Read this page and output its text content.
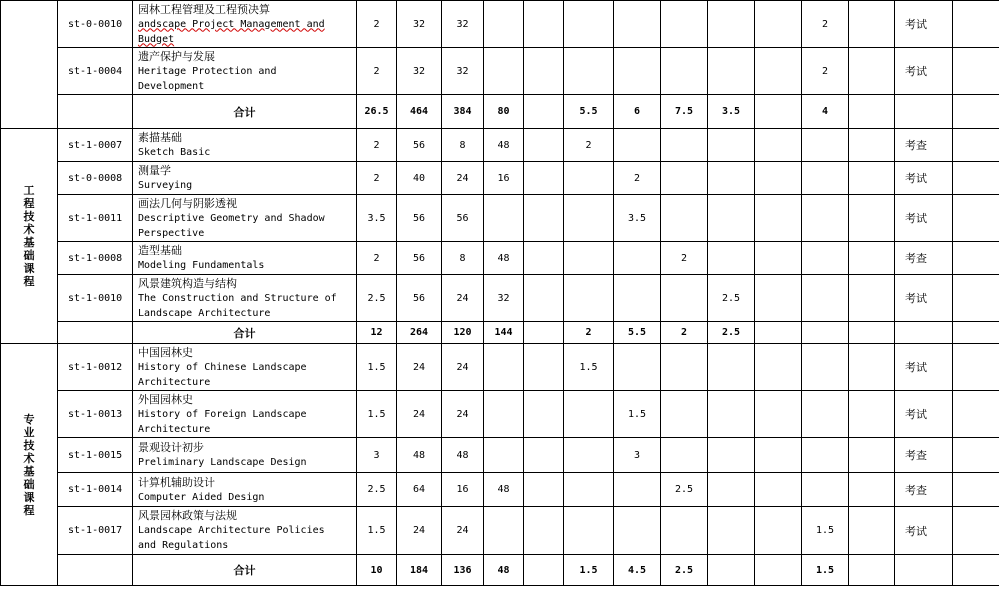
	st-0-0010	园林工程管理及工程预决算
andscape Project Management and
Budget	2	32	32								2		考试	
	st-1-0004	遗产保护与发展
Heritage Protection and
Development	2	32	32								2		考试	
		合计	26.5	464	384	80		5.5	6	7.5	3.5		4			
工程技术基础课程	st-1-0007	素描基础
Sketch Basic	2	56	8	48		2							考查	
	st-0-0008	测量学
Surveying	2	40	24	16			2						考试	
	st-1-0011	画法几何与阴影透视
Descriptive Geometry and Shadow
Perspective	3.5	56	56				3.5						考试	
	st-1-0008	造型基础
Modeling Fundamentals	2	56	8	48				2					考查	
	st-1-0010	风景建筑构造与结构
The Construction and Structure of
Landscape Architecture	2.5	56	24	32					2.5				考试	
		合计	12	264	120	144		2	5.5	2	2.5					
专业技术基础课程	st-1-0012	中国园林史
History of Chinese Landscape
Architecture	1.5	24	24			1.5							考试	
	st-1-0013	外国园林史
History of Foreign Landscape
Architecture	1.5	24	24				1.5						考试	
	st-1-0015	景观设计初步
Preliminary Landscape Design	3	48	48				3						考查	
	st-1-0014	计算机辅助设计
Computer Aided Design	2.5	64	16	48				2.5					考查	
	st-1-0017	风景园林政策与法规
Landscape Architecture Policies
and Regulations	1.5	24	24								1.5		考试	
		合计	10	184	136	48		1.5	4.5	2.5			1.5			
